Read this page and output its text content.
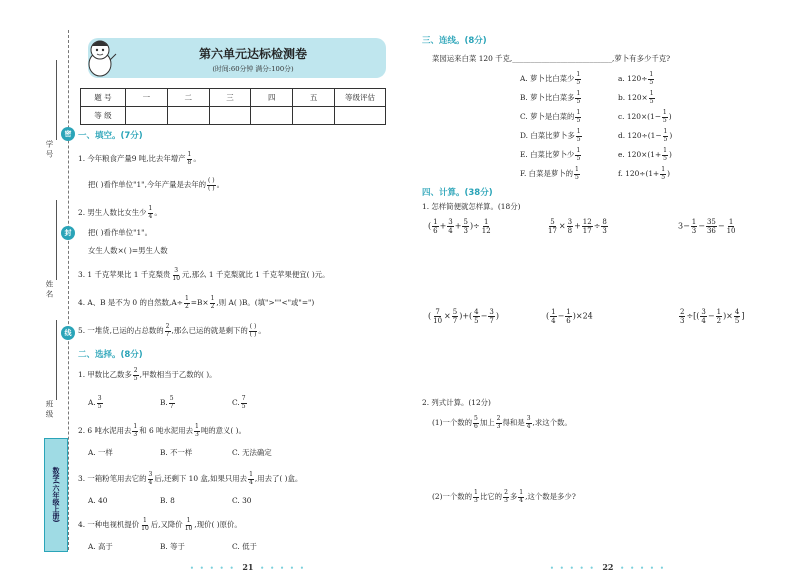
学 号
姓 名
班 级
密
封
线
数学(六年级上册)
第六单元达标检测卷
(时间:60分钟 满分:100分)
题 号	一	二	三	四	五	等级评估
等 级						
一、填空。(7分)
1. 今年粮食产量9 吨,比去年增产 $\frac{1}{8}$ 。
把( )看作单位"1",今年产量是去年的 $\frac{( )}{( )}$ 。
2. 男生人数比女生少 $\frac{1}{4}$ 。
把( )看作单位"1"。
女生人数×( )=男生人数
3. 1 千克苹果比 1 千克梨贵 $\frac{3}{10}$ 元,那么 1 千克梨就比 1 千克苹果便宜( )元。
4. A、B 是不为 0 的自然数$,A\div \frac{1}{2} =B\times \frac{1}{2}$ ,则 A( )B。(填">""<"或"=")
5. 一堆货,已运的占总数的 $\frac{2}{7}$ ,那么已运的就是剩下的 $\frac{( )}{( )}$ 。
二、选择。(8分)
1. 甲数比乙数多 $\frac{2}{5}$ ,甲数相当于乙数的( )。
A. $\frac{3}{5}$	B. $\frac{5}{7}$	C. $\frac{7}{5}$
2. 6 吨水泥用去 $\frac{1}{3}$ 和 6 吨水泥用去 $\frac{1}{3}$ 吨的意义( )。
A. 一样	B. 不一样	C. 无法确定
3. 一箱粉笔用去它的 $\frac{3}{4}$ 后,还剩下 10 盒,如果只用去 $\frac{1}{4}$ ,用去了( )盒。
A. 40	B. 8	C. 30
4. 一种电视机提价 $\frac{1}{10}$ 后,又降价 $\frac{1}{10}$ ,现价( )原价。
A. 高于	B. 等于	C. 低于
• • • • • 21 • • • • •
三、连线。(8分)
菜园运来白菜 120 千克,___________________________,萝卜有多少千克?
A. 萝卜比白菜少 $\frac{1}{5}$
B. 萝卜比白菜多 $\frac{1}{5}$
C. 萝卜是白菜的 $\frac{1}{5}$
D. 白菜比萝卜多 $\frac{1}{5}$
E. 白菜比萝卜少 $\frac{1}{5}$
F. 白菜是萝卜的 $\frac{1}{5}$
a. $120\div \frac{1}{5}$
b. $120\times \frac{1}{5}$
c. $120\times(1- \frac{1}{5}$ )
d. $120\div(1- \frac{1}{5}$ )
e. $120\times(1+ \frac{1}{5}$ )
f. $120\div(1+ \frac{1}{5}$ )
四、计算。(38分)
1. 怎样简便就怎样算。(18分)
( $\frac{1}{6} + \frac{3}{4} + \frac{5}{3}$ )÷ $\frac{1}{12}$	$\frac{5}{17} \times \frac{3}{8} + \frac{12}{17} \div \frac{8}{3}$	$3- \frac{1}{3} - \frac{35}{36} - \frac{1}{10}$
( $\frac{7}{10} \times \frac{5}{7}$ )+( $\frac{4}{5} - \frac{3}{7}$ )	( $\frac{1}{4} - \frac{1}{6} )\times 24$	$\frac{2}{3}$ ÷[( $\frac{3}{4} - \frac{1}{2}$ )× $\frac{4}{5}$ ]
2. 列式计算。(12分)
(1)一个数的 $\frac{5}{6}$ 加上 $\frac{2}{3}$ 得和是 $\frac{3}{4}$ ,求这个数。
(2)一个数的 $\frac{1}{3}$ 比它的 $\frac{2}{3}$ 多 $\frac{1}{4}$ ,这个数是多少?
• • • • • 22 • • • • •
